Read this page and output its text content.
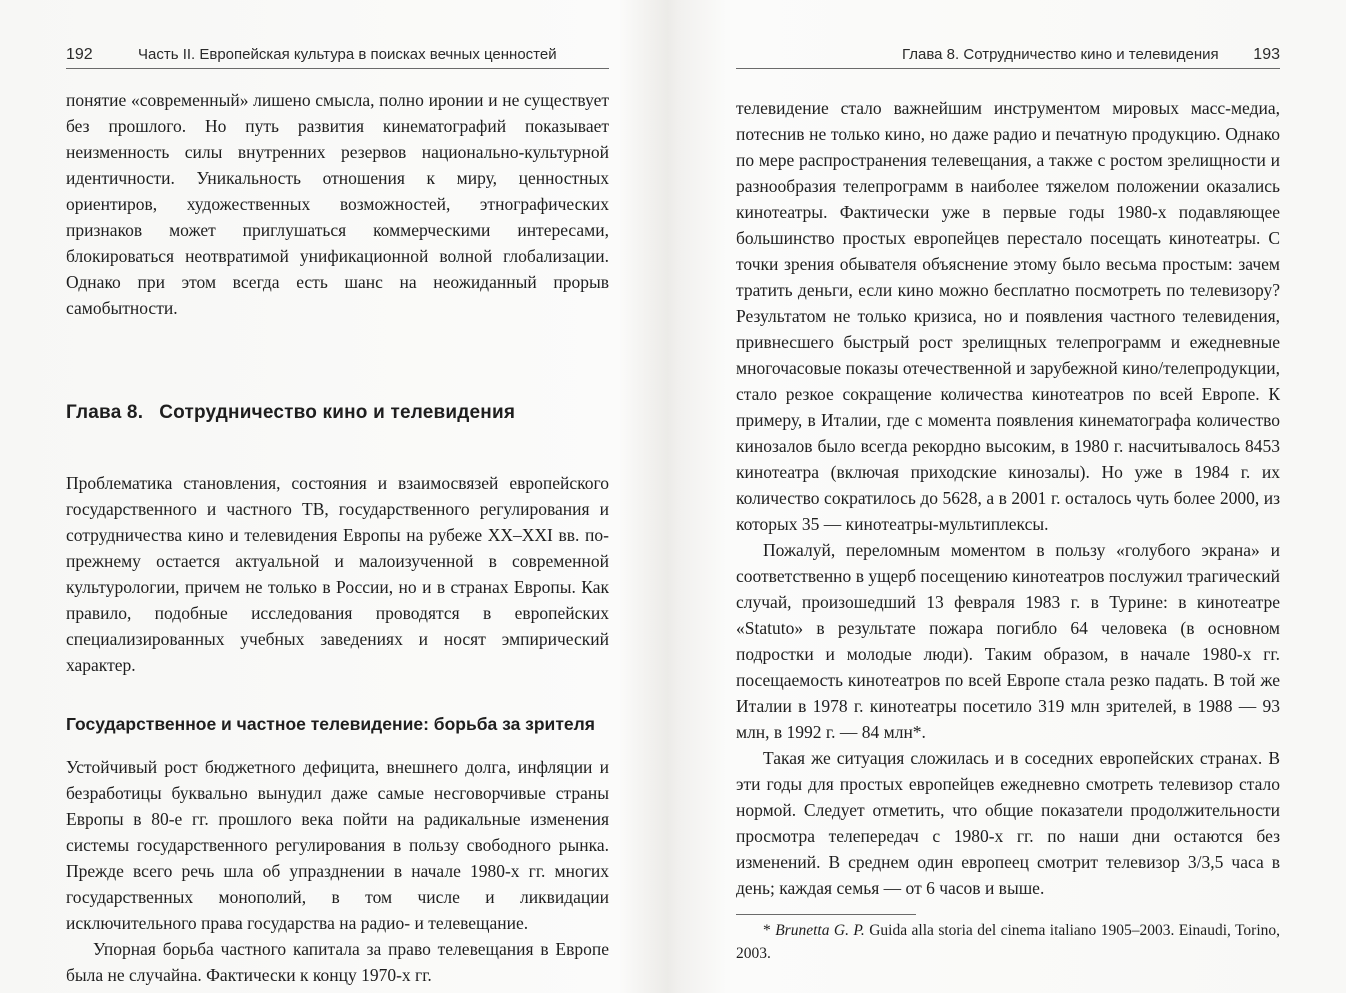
192	Часть II. Европейская культура в поисках вечных ценностей

понятие «современный» лишено смысла, полно иронии и не существует без прошлого. Но путь развития кинематографий показывает неизменность силы внутренних резервов национально-культурной идентичности. Уникальность отношения к миру, ценностных ориентиров, художественных возможностей, этнографических признаков может приглушаться коммерческими интересами, блокироваться неотвратимой унификационной волной глобализации. Однако при этом всегда есть шанс на неожиданный прорыв самобытности.

Глава 8. Сотрудничество кино и телевидения

Проблематика становления, состояния и взаимосвязей европейского государственного и частного ТВ, государственного регулирования и сотрудничества кино и телевидения Европы на рубеже XX–XXI вв. по-прежнему остается актуальной и малоизученной в современной культурологии, причем не только в России, но и в странах Европы. Как правило, подобные исследования проводятся в европейских специализированных учебных заведениях и носят эмпирический характер.

Государственное и частное телевидение: борьба за зрителя

Устойчивый рост бюджетного дефицита, внешнего долга, инфляции и безработицы буквально вынудил даже самые несговорчивые страны Европы в 80-е гг. прошлого века пойти на радикальные изменения системы государственного регулирования в пользу свободного рынка. Прежде всего речь шла об упразднении в начале 1980-х гг. многих государственных монополий, в том числе и ликвидации исключительного права государства на радио- и телевещание.

Упорная борьба частного капитала за право телевещания в Европе была не случайна. Фактически к концу 1970-х гг.

Глава 8. Сотрудничество кино и телевидения 193

телевидение стало важнейшим инструментом мировых масс-медиа, потеснив не только кино, но даже радио и печатную продукцию. Однако по мере распространения телевещания, а также с ростом зрелищности и разнообразия телепрограмм в наиболее тяжелом положении оказались кинотеатры. Фактически уже в первые годы 1980-х подавляющее большинство простых европейцев перестало посещать кинотеатры. С точки зрения обывателя объяснение этому было весьма простым: зачем тратить деньги, если кино можно бесплатно посмотреть по телевизору? Результатом не только кризиса, но и появления частного телевидения, привнесшего быстрый рост зрелищных телепрограмм и ежедневные многочасовые показы отечественной и зарубежной кино/телепродукции, стало резкое сокращение количества кинотеатров по всей Европе. К примеру, в Италии, где с момента появления кинематографа количество кинозалов было всегда рекордно высоким, в 1980 г. насчитывалось 8453 кинотеатра (включая приходские кинозалы). Но уже в 1984 г. их количество сократилось до 5628, а в 2001 г. осталось чуть более 2000, из которых 35 — кинотеатры-мультиплексы.

Пожалуй, переломным моментом в пользу «голубого экрана» и соответственно в ущерб посещению кинотеатров послужил трагический случай, произошедший 13 февраля 1983 г. в Турине: в кинотеатре «Statuto» в результате пожара погибло 64 человека (в основном подростки и молодые люди). Таким образом, в начале 1980-х гг. посещаемость кинотеатров по всей Европе стала резко падать. В той же Италии в 1978 г. кинотеатры посетило 319 млн зрителей, в 1988 — 93 млн, в 1992 г. — 84 млн*.

Такая же ситуация сложилась и в соседних европейских странах. В эти годы для простых европейцев ежедневно смотреть телевизор стало нормой. Следует отметить, что общие показатели продолжительности просмотра телепередач с 1980-х гг. по наши дни остаются без изменений. В среднем один европеец смотрит телевизор 3/3,5 часа в день; каждая семья — от 6 часов и выше.

* Brunetta G. P. Guida alla storia del cinema italiano 1905–2003. Einaudi, Torino, 2003.
